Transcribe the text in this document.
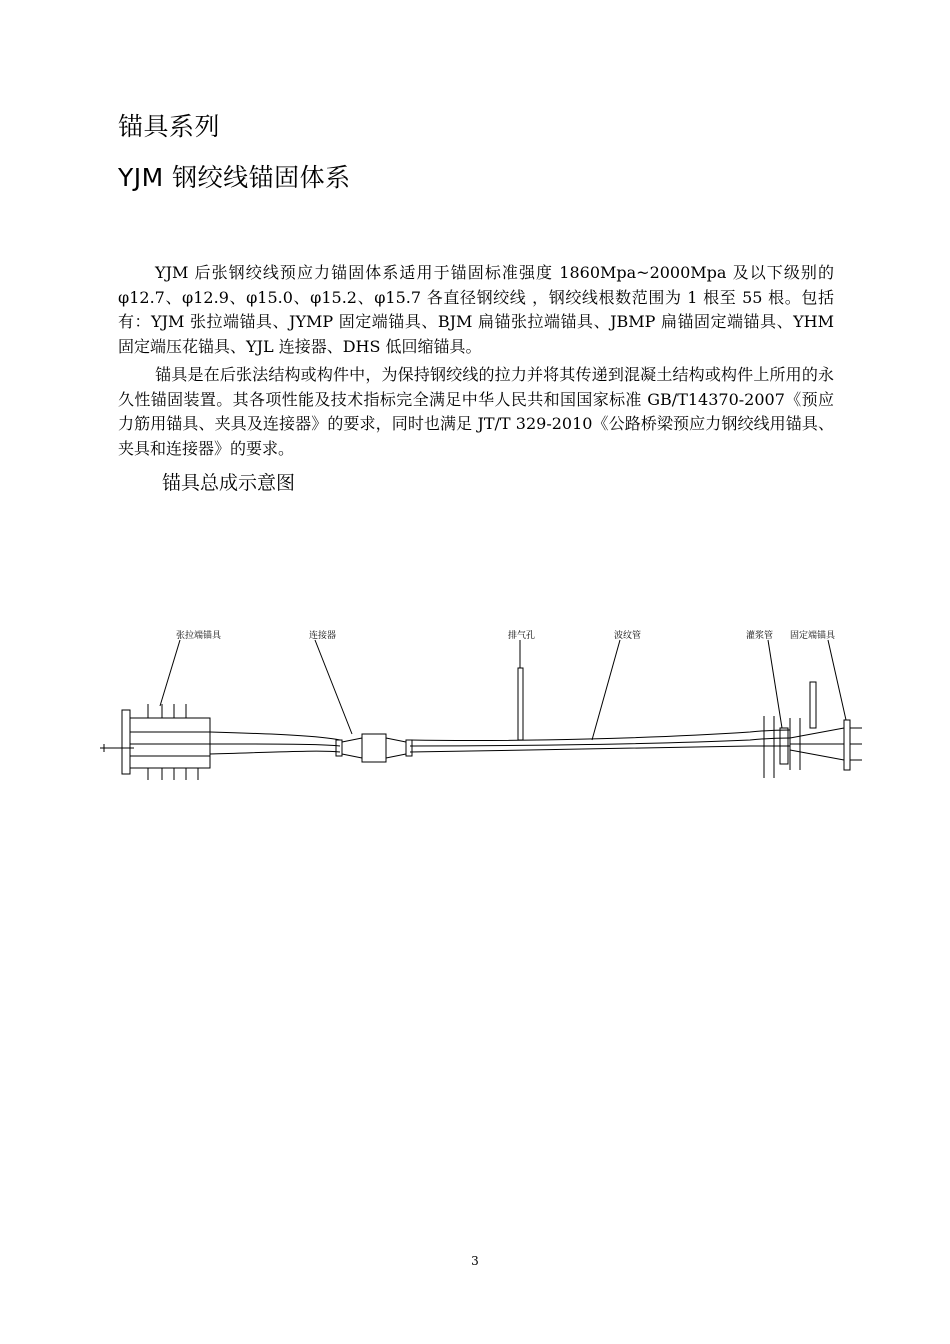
锚具系列
YJM 钢绞线锚固体系

YJM 后张钢绞线预应力锚固体系适用于锚固标准强度 1860Mpa~2000Mpa 及以下级别的 φ12.7、φ12.9、φ15.0、φ15.2、φ15.7 各直径钢绞线 ，钢绞线根数范围为 1 根至 55 根。包括有：YJM 张拉端锚具、JYMP 固定端锚具、BJM 扁锚张拉端锚具、JBMP 扁锚固定端锚具、YHM 固定端压花锚具、YJL 连接器、DHS 低回缩锚具。

锚具是在后张法结构或构件中，为保持钢绞线的拉力并将其传递到混凝土结构或构件上所用的永久性锚固装置。其各项性能及技术指标完全满足中华人民共和国国家标准 GB/T14370-2007《预应力筋用锚具、夹具及连接器》的要求，同时也满足 JT/T 329-2010《公路桥梁预应力钢绞线用锚具、夹具和连接器》的要求。

锚具总成示意图
张拉端锚具	连接器	排气孔	波纹管	灌浆管 固定端锚具
3
